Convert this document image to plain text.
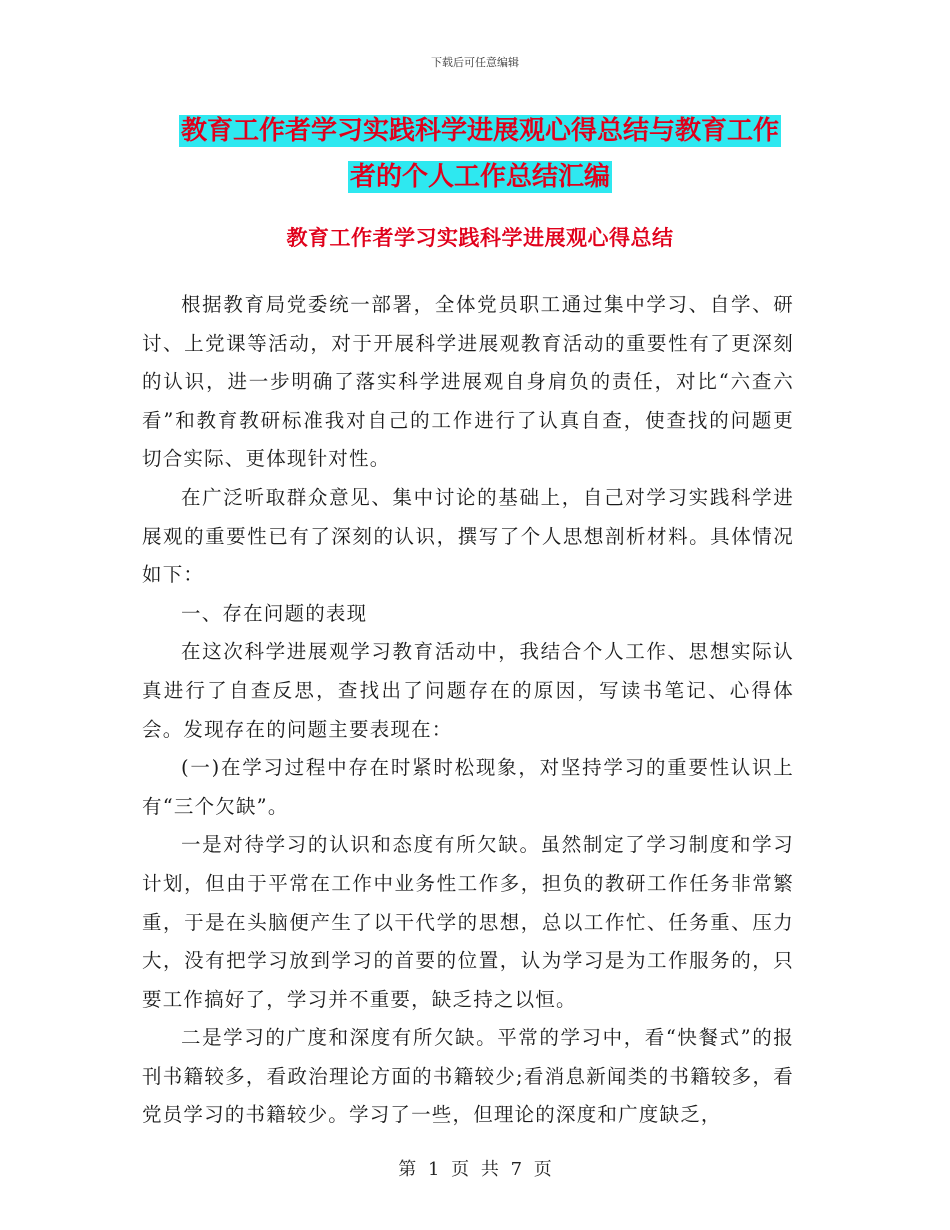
下载后可任意编辑
教育工作者学习实践科学进展观心得总结与教育工作
者的个人工作总结汇编
教育工作者学习实践科学进展观心得总结

根据教育局党委统一部署，全体党员职工通过集中学习、自学、研讨、上党课等活动，对于开展科学进展观教育活动的重要性有了更深刻的认识，进一步明确了落实科学进展观自身肩负的责任，对比“六查六看”和教育教研标准我对自己的工作进行了认真自查，使查找的问题更切合实际、更体现针对性。

在广泛听取群众意见、集中讨论的基础上，自己对学习实践科学进展观的重要性已有了深刻的认识，撰写了个人思想剖析材料。具体情况如下：

一、存在问题的表现

在这次科学进展观学习教育活动中，我结合个人工作、思想实际认真进行了自查反思，查找出了问题存在的原因，写读书笔记、心得体会。发现存在的问题主要表现在：

(一)在学习过程中存在时紧时松现象，对坚持学习的重要性认识上有“三个欠缺”。

一是对待学习的认识和态度有所欠缺。虽然制定了学习制度和学习计划，但由于平常在工作中业务性工作多，担负的教研工作任务非常繁重，于是在头脑便产生了以干代学的思想，总以工作忙、任务重、压力大，没有把学习放到学习的首要的位置，认为学习是为工作服务的，只要工作搞好了，学习并不重要，缺乏持之以恒。

二是学习的广度和深度有所欠缺。平常的学习中，看“快餐式”的报刊书籍较多，看政治理论方面的书籍较少;看消息新闻类的书籍较多，看党员学习的书籍较少。学习了一些，但理论的深度和广度缺乏，

第 1 页 共 7 页
